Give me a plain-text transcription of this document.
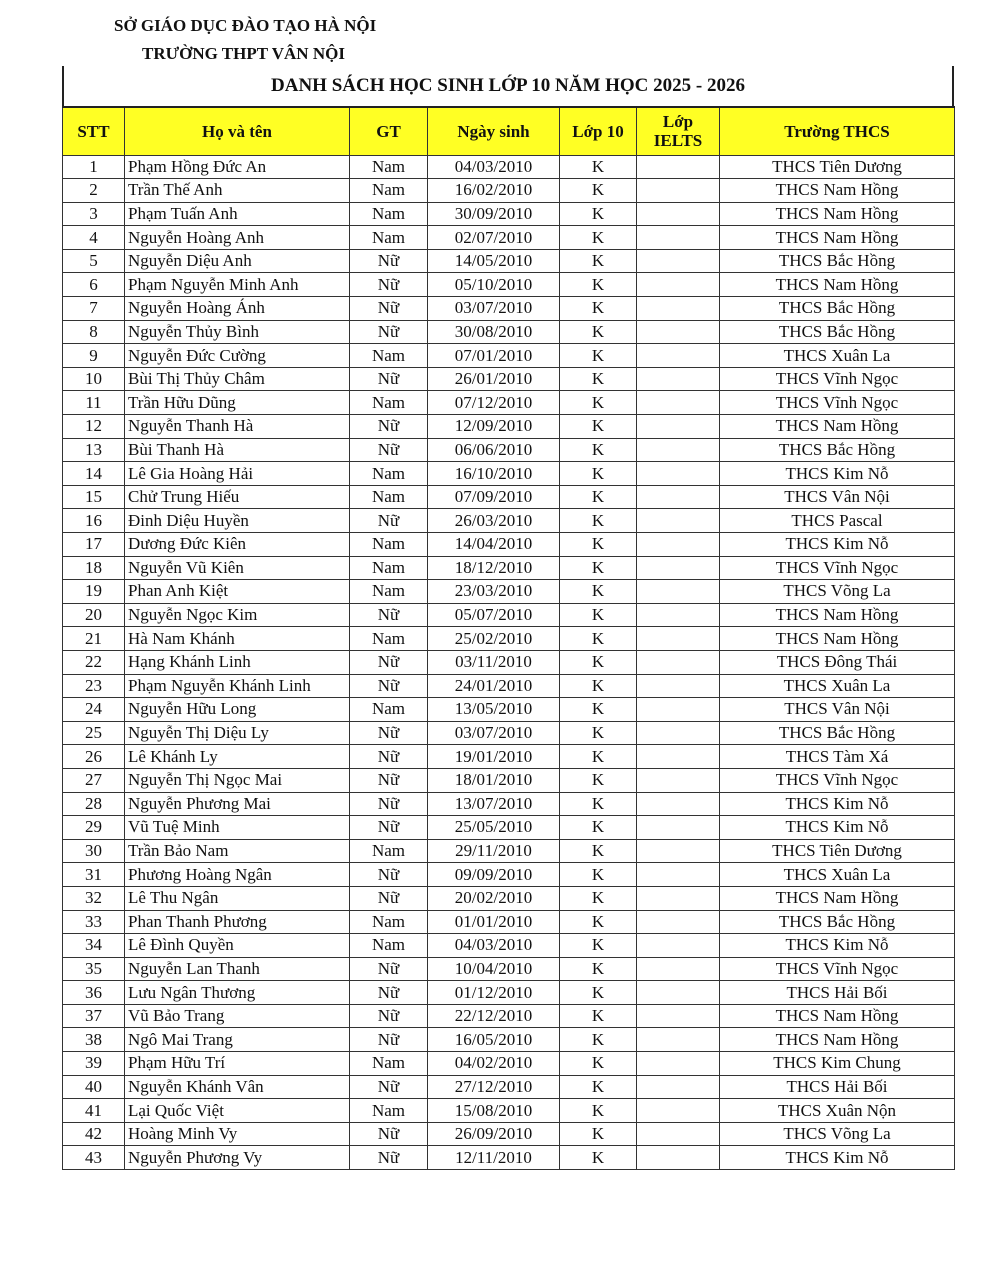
SỞ GIÁO DỤC ĐÀO TẠO HÀ NỘI
TRƯỜNG THPT VÂN NỘI
DANH SÁCH HỌC SINH LỚP 10 NĂM HỌC 2025 - 2026
STT	Họ và tên	GT	Ngày sinh	Lớp 10	Lớp IELTS	Trường THCS
1	Phạm Hồng Đức An	Nam	04/03/2010	K		THCS Tiên Dương
2	Trần Thế Anh	Nam	16/02/2010	K		THCS Nam Hồng
3	Phạm Tuấn Anh	Nam	30/09/2010	K		THCS Nam Hồng
4	Nguyễn Hoàng Anh	Nam	02/07/2010	K		THCS Nam Hồng
5	Nguyễn Diệu Anh	Nữ	14/05/2010	K		THCS Bắc Hồng
6	Phạm Nguyễn Minh Anh	Nữ	05/10/2010	K		THCS Nam Hồng
7	Nguyễn Hoàng Ánh	Nữ	03/07/2010	K		THCS Bắc Hồng
8	Nguyễn Thủy Bình	Nữ	30/08/2010	K		THCS Bắc Hồng
9	Nguyễn Đức Cường	Nam	07/01/2010	K		THCS Xuân La
10	Bùi Thị Thủy Châm	Nữ	26/01/2010	K		THCS Vĩnh Ngọc
11	Trần Hữu Dũng	Nam	07/12/2010	K		THCS Vĩnh Ngọc
12	Nguyễn Thanh Hà	Nữ	12/09/2010	K		THCS Nam Hồng
13	Bùi Thanh Hà	Nữ	06/06/2010	K		THCS Bắc Hồng
14	Lê Gia Hoàng Hải	Nam	16/10/2010	K		THCS Kim Nỗ
15	Chử Trung Hiếu	Nam	07/09/2010	K		THCS Vân Nội
16	Đinh Diệu Huyền	Nữ	26/03/2010	K		THCS Pascal
17	Dương Đức Kiên	Nam	14/04/2010	K		THCS Kim Nỗ
18	Nguyễn Vũ Kiên	Nam	18/12/2010	K		THCS Vĩnh Ngọc
19	Phan Anh Kiệt	Nam	23/03/2010	K		THCS Võng La
20	Nguyễn Ngọc Kim	Nữ	05/07/2010	K		THCS Nam Hồng
21	Hà Nam Khánh	Nam	25/02/2010	K		THCS Nam Hồng
22	Hạng Khánh Linh	Nữ	03/11/2010	K		THCS Đông Thái
23	Phạm Nguyễn Khánh Linh	Nữ	24/01/2010	K		THCS Xuân La
24	Nguyễn Hữu Long	Nam	13/05/2010	K		THCS Vân Nội
25	Nguyễn Thị Diệu Ly	Nữ	03/07/2010	K		THCS Bắc Hồng
26	Lê Khánh Ly	Nữ	19/01/2010	K		THCS Tàm Xá
27	Nguyễn Thị Ngọc Mai	Nữ	18/01/2010	K		THCS Vĩnh Ngọc
28	Nguyễn Phương Mai	Nữ	13/07/2010	K		THCS Kim Nỗ
29	Vũ Tuệ Minh	Nữ	25/05/2010	K		THCS Kim Nỗ
30	Trần Bảo Nam	Nam	29/11/2010	K		THCS Tiên Dương
31	Phương Hoàng Ngân	Nữ	09/09/2010	K		THCS Xuân La
32	Lê Thu Ngân	Nữ	20/02/2010	K		THCS Nam Hồng
33	Phan Thanh Phương	Nam	01/01/2010	K		THCS Bắc Hồng
34	Lê Đình Quyền	Nam	04/03/2010	K		THCS Kim Nỗ
35	Nguyễn Lan Thanh	Nữ	10/04/2010	K		THCS Vĩnh Ngọc
36	Lưu Ngân Thương	Nữ	01/12/2010	K		THCS Hải Bối
37	Vũ Bảo Trang	Nữ	22/12/2010	K		THCS Nam Hồng
38	Ngô Mai Trang	Nữ	16/05/2010	K		THCS Nam Hồng
39	Phạm Hữu Trí	Nam	04/02/2010	K		THCS Kim Chung
40	Nguyễn Khánh Vân	Nữ	27/12/2010	K		THCS Hải Bối
41	Lại Quốc Việt	Nam	15/08/2010	K		THCS Xuân Nộn
42	Hoàng Minh Vy	Nữ	26/09/2010	K		THCS Võng La
43	Nguyễn Phương Vy	Nữ	12/11/2010	K		THCS Kim Nỗ
